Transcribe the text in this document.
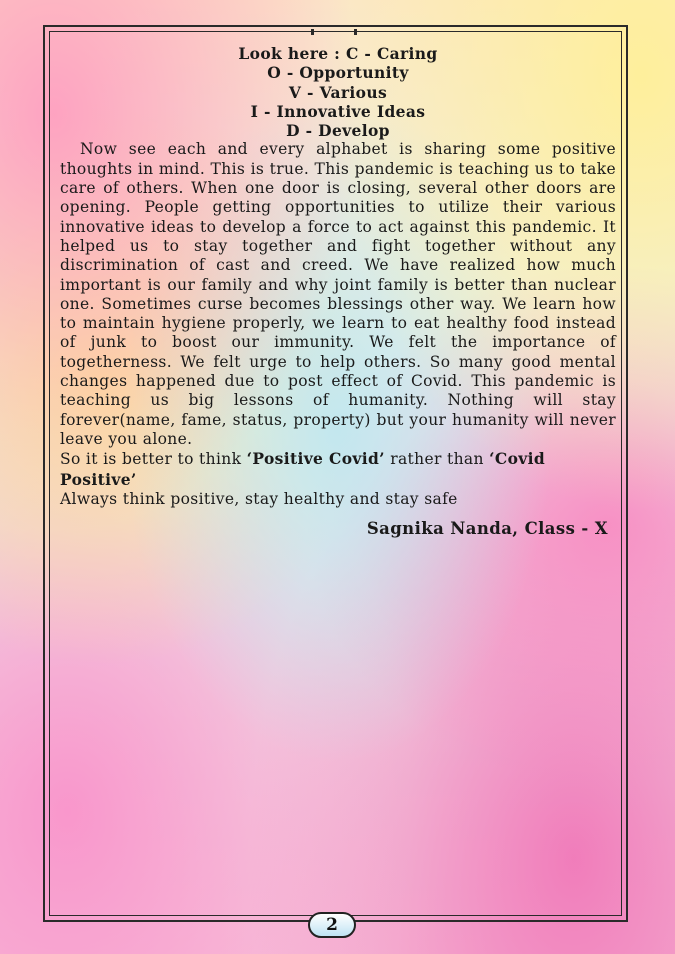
Look here : C - Caring
O - Opportunity
V - Various
I - Innovative Ideas
D - Develop

Now see each and every alphabet is sharing some positive thoughts in mind. This is true. This pandemic is teaching us to take care of others. When one door is closing, several other doors are opening. People getting opportunities to utilize their various innovative ideas to develop a force to act against this pandemic. It helped us to stay together and fight together without any discrimination of cast and creed. We have realized how much important is our family and why joint family is better than nuclear one. Sometimes curse becomes blessings other way. We learn how to maintain hygiene properly, we learn to eat healthy food instead of junk to boost our immunity. We felt the importance of togetherness. We felt urge to help others. So many good mental changes happened due to post effect of Covid. This pandemic is teaching us big lessons of humanity. Nothing will stay forever(name, fame, status, property) but your humanity will never leave you alone.

So it is better to think ‘Positive Covid’ rather than ‘Covid Positive’

Always think positive, stay healthy and stay safe

Sagnika Nanda, Class - X
2
